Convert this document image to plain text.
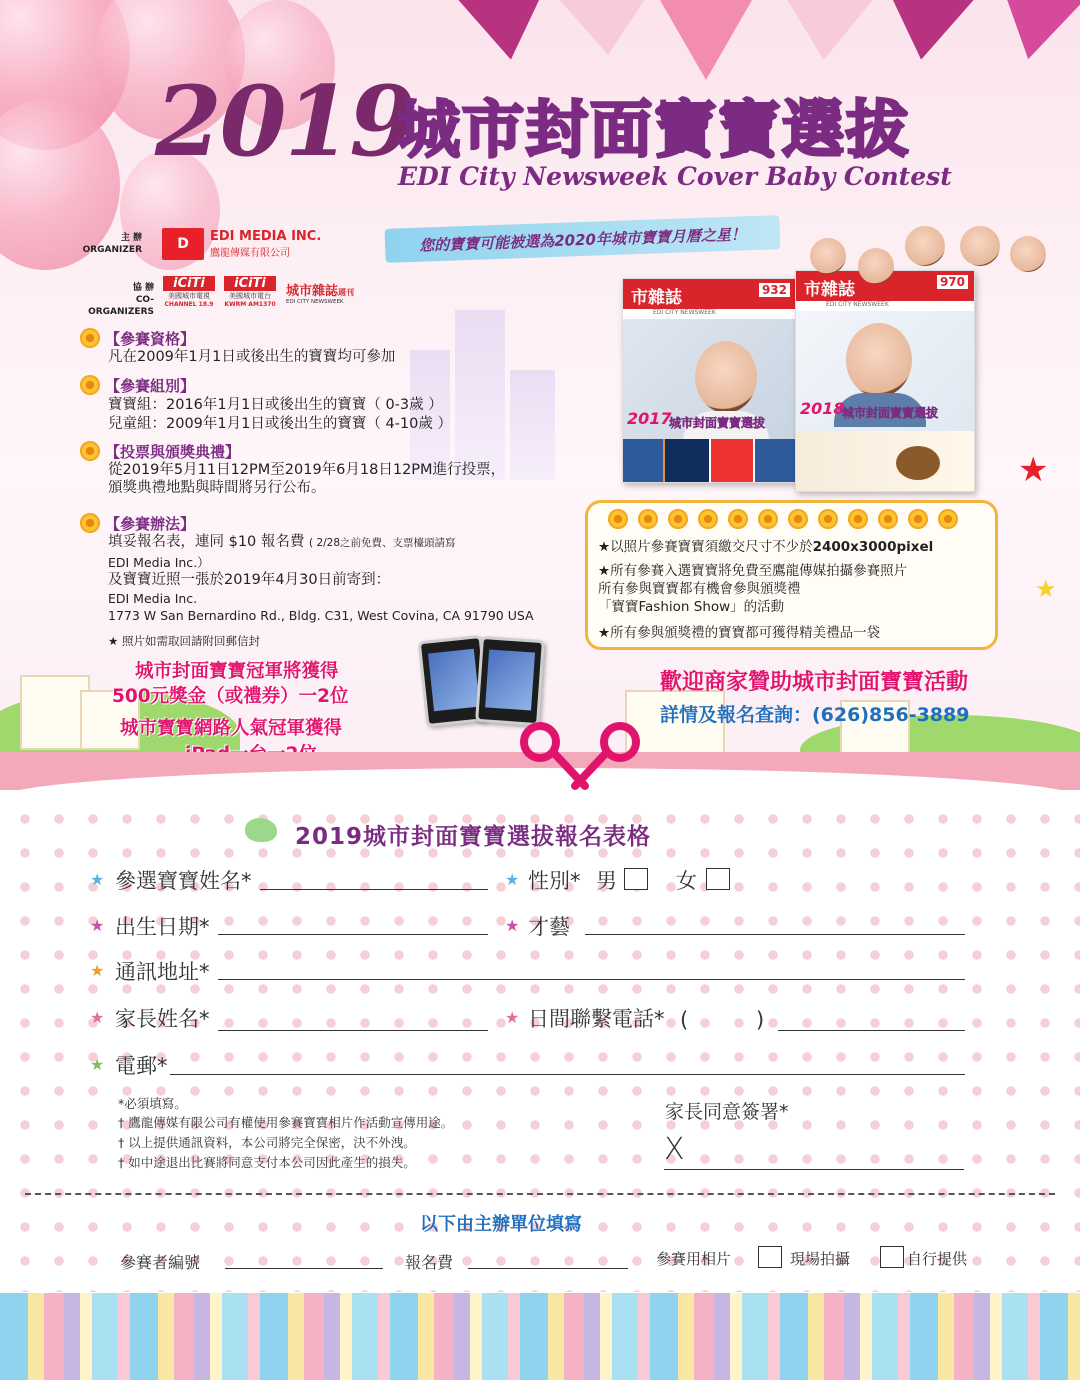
2019
城市封面寶寶選拔
EDI City Newsweek Cover Baby Contest
主 辦
ORGANIZER	D	EDI MEDIA INC.
鷹龍傳媒有限公司
協 辦
CO-ORGANIZERS
iCiTi
美國城市電視
CHANNEL 18.9
iCiTi
美國城市電台
KWRM AM1370
城市雜誌週刊
EDI CITY NEWSWEEK
您的寶寶可能被選為2020年城市寶寶月曆之星！
【參賽資格】
凡在2009年1月1日或後出生的寶寶均可參加
【參賽組別】
寶寶組：2016年1月1日或後出生的寶寶（ 0-3歲 ）
兒童組：2009年1月1日或後出生的寶寶（ 4-10歲 ）
【投票與頒獎典禮】
從2019年5月11日12PM至2019年6月18日12PM進行投票，
頒獎典禮地點與時間將另行公布。
【參賽辦法】
填妥報名表，連同 $10 報名費 ( 2/28之前免費、支票檯頭請寫
EDI Media Inc.）
及寶寶近照一張於2019年4月30日前寄到：
EDI Media Inc.
1773 W San Bernardino Rd., Bldg. C31, West Covina, CA 91790 USA
★ 照片如需取回請附回郵信封
市雜誌	932
EDI CITY NEWSWEEK
2017
城市封面寶寶選拔
市雜誌	970
EDI CITY NEWSWEEK
2018
城市封面寶寶選拔
★
★
★以照片參賽寶寶須繳交尺寸不少於2400x3000pixel
★所有參賽入選寶寶將免費至鷹龍傳媒拍攝參賽照片
所有參與寶寶都有機會參與頒獎禮
「寶寶Fashion Show」的活動
★所有參與頒獎禮的寶寶都可獲得精美禮品一袋
城市封面寶寶冠軍將獲得
500元獎金（或禮券）一2位
城市寶寶網路人氣冠軍獲得
歡迎商家贊助城市封面寶寶活動
詳情及報名查詢：(626)856-3889
2019城市封面寶寶選拔報名表格
★ 參選寶寶姓名*	★ 性別* 男	女
★ 出生日期*	★ 才藝
★ 通訊地址*
★ 家長姓名*	★ 日間聯繫電話* (	)
★ 電郵*
*必須填寫。
† 鷹龍傳媒有限公司有權使用參賽寶寶相片作活動宣傳用途。
† 以上提供通訊資料，本公司將完全保密，決不外洩。
† 如中途退出比賽將同意支付本公司因此產生的損失。
家長同意簽署*
X
以下由主辦單位填寫
參賽者編號	報名費	參賽用相片	現場拍攝	自行提供
